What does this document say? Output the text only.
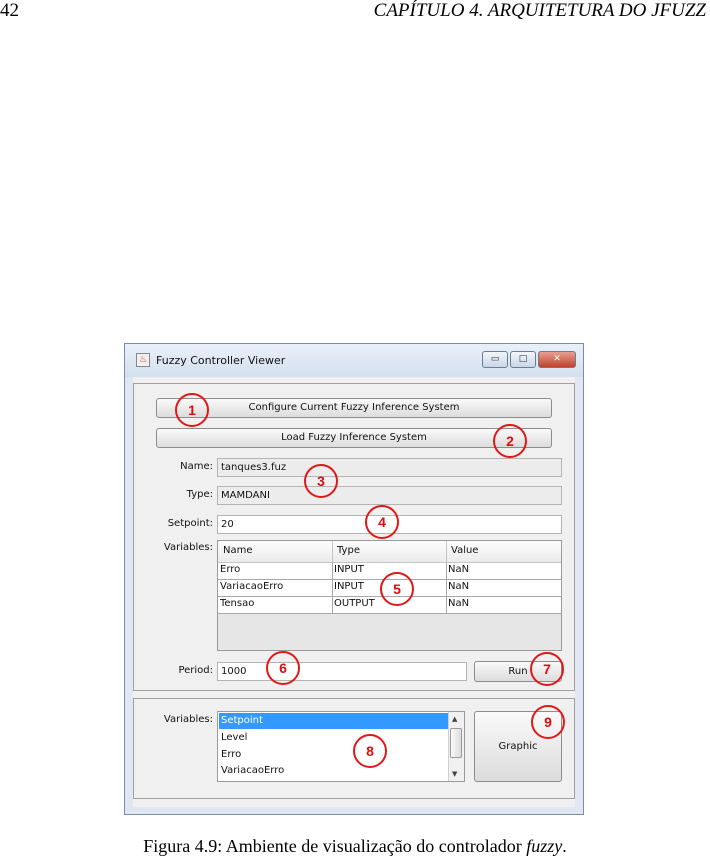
42	CAPÍTULO 4. ARQUITETURA DO JFUZZ
♨ Fuzzy Controller Viewer	▭	□	✕
Configure Current Fuzzy Inference System
Load Fuzzy Inference System
Name: tanques3.fuz
Type: MAMDANI
Setpoint: 20
Variables: Name	Type	Value
Erro	INPUT	NaN
VariacaoErro	INPUT	NaN
Tensao	OUTPUT	NaN
Period: 1000	Run
Variables: Setpoint
Level
Erro
VariacaoErro
▲
▼
Graphic
1
2
3
4
5
6	7
8
9
Figura 4.9: Ambiente de visualização do controlador fuzzy.
